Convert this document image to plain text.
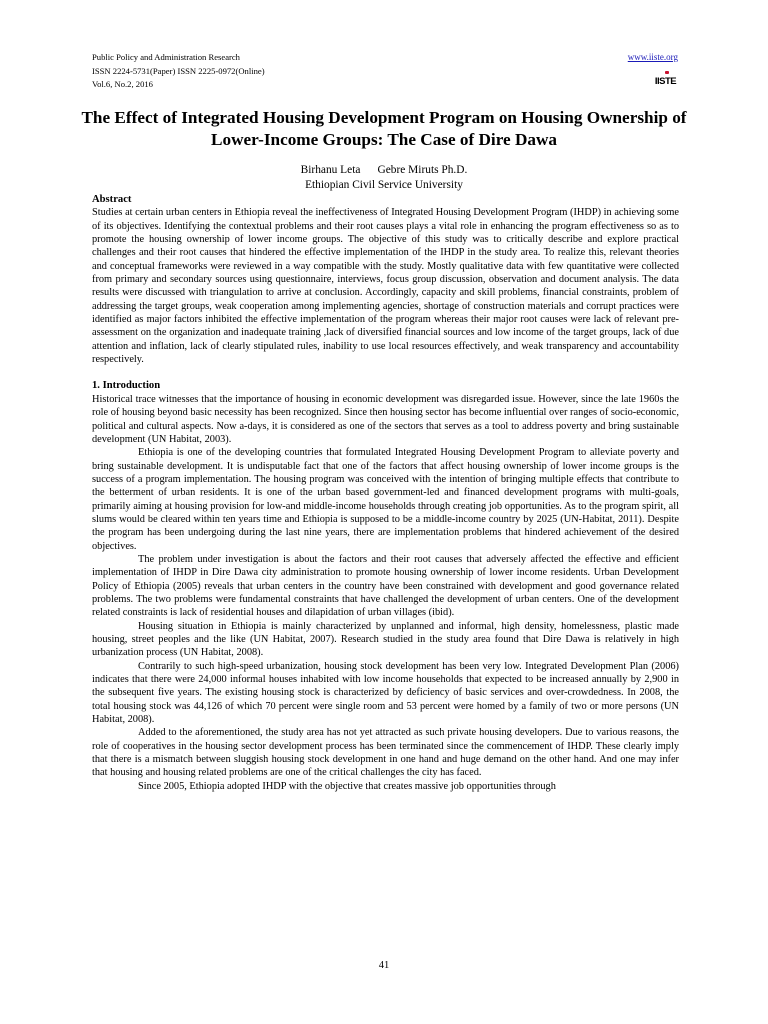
Public Policy and Administration Research
ISSN 2224-5731(Paper) ISSN 2225-0972(Online)
Vol.6, No.2, 2016
www.iiste.org
IISTE
The Effect of Integrated Housing Development Program on Housing Ownership of Lower-Income Groups: The Case of Dire Dawa
Birhanu Leta      Gebre Miruts Ph.D.
Ethiopian Civil Service University
Abstract

Studies at certain urban centers in Ethiopia reveal the ineffectiveness of Integrated Housing Development Program (IHDP) in achieving some of its objectives. Identifying the contextual problems and their root causes plays a vital role in enhancing the program effectiveness so as to promote the housing ownership of lower income groups. The objective of this study was to critically describe and explore practical challenges and their root causes that hindered the effective implementation of the IHDP in the study area. To realize this, relevant theories and conceptual frameworks were reviewed in a way compatible with the study. Mostly qualitative data with few quantitative were collected from primary and secondary sources using questionnaire, interviews, focus group discussion, observation and document analysis. The data results were discussed with triangulation to arrive at conclusion. Accordingly, capacity and skill problems, financial constraints, problem of addressing the target groups, weak cooperation among implementing agencies, shortage of construction materials and corrupt practices were identified as major factors inhibited the effective implementation of the program whereas their major root causes were lack of relevant pre-assessment on the organization and inadequate training ,lack of diversified financial sources and low income of the target groups, lack of due attention and inflation, lack of clearly stipulated rules, inability to use local resources effectively, and weak transparency and accountability respectively.

1. Introduction

Historical trace witnesses that the importance of housing in economic development was disregarded issue. However, since the late 1960s the role of housing beyond basic necessity has been recognized. Since then housing sector has become influential over ranges of socio-economic, political and cultural aspects. Now a-days, it is considered as one of the sectors that serves as a tool to address poverty and bring sustainable development (UN Habitat, 2003).

Ethiopia is one of the developing countries that formulated Integrated Housing Development Program to alleviate poverty and bring sustainable development. It is undisputable fact that one of the factors that affect housing ownership of lower income groups is the success of a program implementation. The housing program was conceived with the intention of bringing multiple effects that contribute to the betterment of urban residents. It is one of the urban based government-led and financed development programs with multi-goals, primarily aiming at housing provision for low-and middle-income households through creating job opportunities. As to the program spirit, all slums would be cleared within ten years time and Ethiopia is supposed to be a middle-income country by 2025 (UN-Habitat, 2011). Despite the program has been undergoing during the last nine years, there are implementation problems that hindered achievement of the desired objectives.

The problem under investigation is about the factors and their root causes that adversely affected the effective and efficient implementation of IHDP in Dire Dawa city administration to promote housing ownership of lower income residents. Urban Development Policy of Ethiopia (2005) reveals that urban centers in the country have been constrained with development and good governance related problems. The two problems were fundamental constraints that have challenged the development of urban centers. One of the development related constraints is lack of residential houses and dilapidation of urban villages (ibid).

Housing situation in Ethiopia is mainly characterized by unplanned and informal, high density, homelessness, plastic made housing, street peoples and the like (UN Habitat, 2007). Research studied in the study area found that Dire Dawa is relatively in high urbanization process (UN Habitat, 2008).

Contrarily to such high-speed urbanization, housing stock development has been very low. Integrated Development Plan (2006) indicates that there were 24,000 informal houses inhabited with low income households that expected to be increased annually by 2,900 in the subsequent five years. The existing housing stock is characterized by deficiency of basic services and over-crowdedness. In 2008, the total housing stock was 44,126 of which 70 percent were single room and 53 percent were homed by a family of two or more persons (UN Habitat, 2008).

Added to the aforementioned, the study area has not yet attracted as such private housing developers. Due to various reasons, the role of cooperatives in the housing sector development process has been terminated since the commencement of IHDP. These clearly imply that there is a mismatch between sluggish housing stock development in one hand and huge demand on the other hand. And one may infer that housing and housing related problems are one of the critical challenges the city has faced.

Since 2005, Ethiopia adopted IHDP with the objective that creates massive job opportunities through

41
